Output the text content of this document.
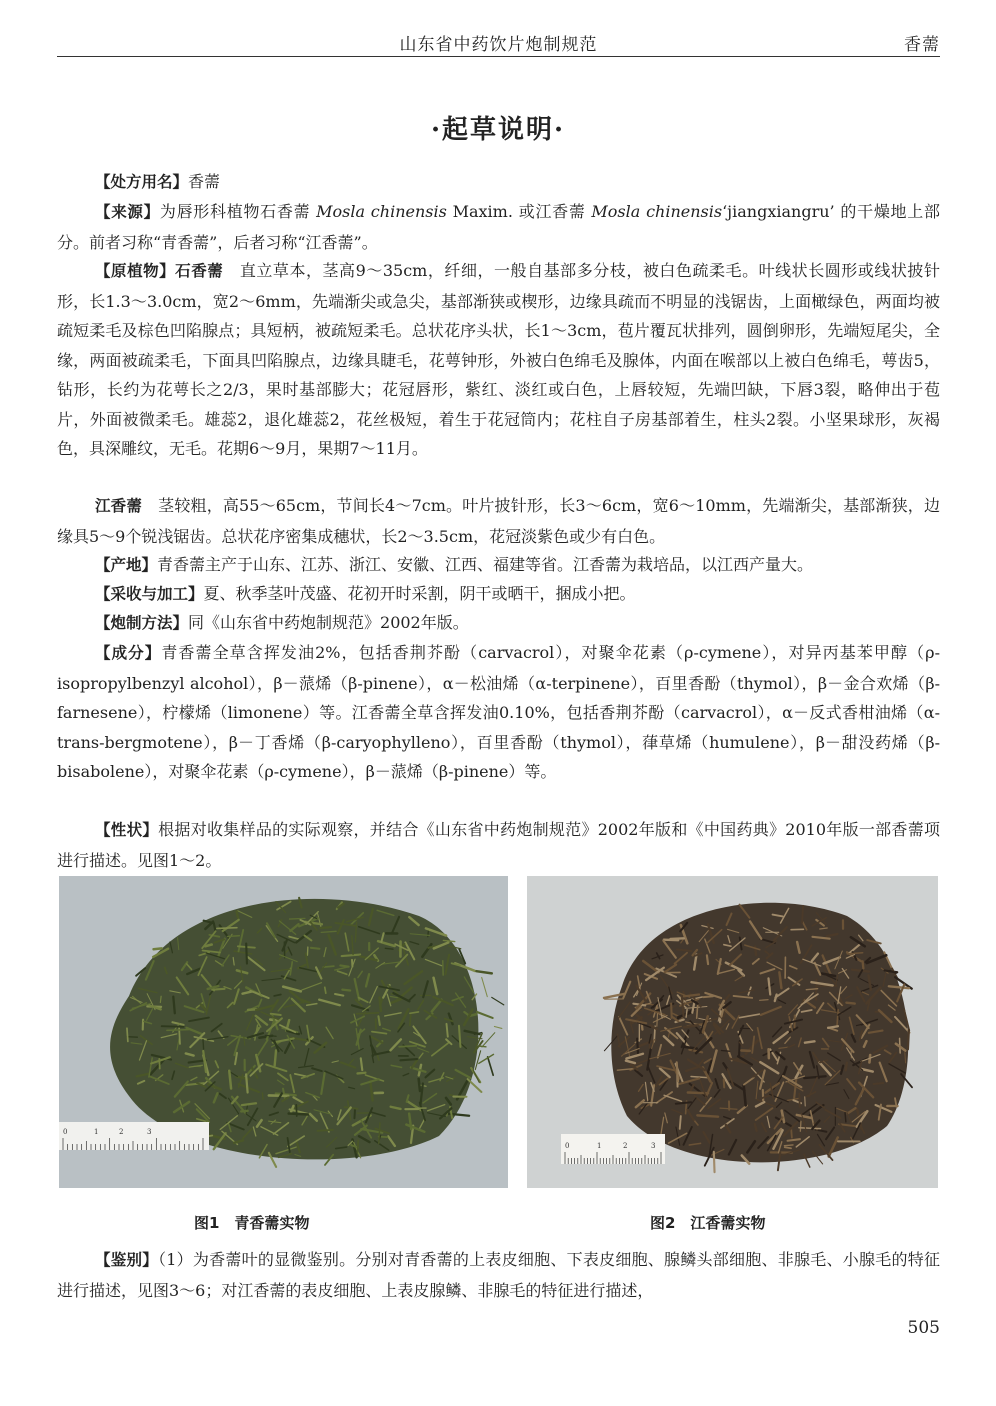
山东省中药饮片炮制规范	香薷
·起草说明·

【处方用名】香薷

【来源】为唇形科植物石香薷 Mosla chinensis Maxim. 或江香薷 Mosla chinensis‘jiangxiangru’ 的干燥地上部分。前者习称“青香薷”，后者习称“江香薷”。

【原植物】石香薷　直立草本，茎高9～35cm，纤细，一般自基部多分枝，被白色疏柔毛。叶线状长圆形或线状披针形，长1.3～3.0cm，宽2～6mm，先端渐尖或急尖，基部渐狭或楔形，边缘具疏而不明显的浅锯齿，上面橄绿色，两面均被疏短柔毛及棕色凹陷腺点；具短柄，被疏短柔毛。总状花序头状，长1～3cm，苞片覆瓦状排列，圆倒卵形，先端短尾尖，全缘，两面被疏柔毛，下面具凹陷腺点，边缘具睫毛，花萼钟形，外被白色绵毛及腺体，内面在喉部以上被白色绵毛，萼齿5，钻形，长约为花萼长之2/3，果时基部膨大；花冠唇形，紫红、淡红或白色，上唇较短，先端凹缺，下唇3裂，略伸出于苞片，外面被微柔毛。雄蕊2，退化雄蕊2，花丝极短，着生于花冠筒内；花柱自子房基部着生，柱头2裂。小坚果球形，灰褐色，具深雕纹，无毛。花期6～9月，果期7～11月。

江香薷　茎较粗，高55～65cm，节间长4～7cm。叶片披针形，长3～6cm，宽6～10mm，先端渐尖，基部渐狭，边缘具5～9个锐浅锯齿。总状花序密集成穗状，长2～3.5cm，花冠淡紫色或少有白色。

【产地】青香薷主产于山东、江苏、浙江、安徽、江西、福建等省。江香薷为栽培品，以江西产量大。

【采收与加工】夏、秋季茎叶茂盛、花初开时采割，阴干或晒干，捆成小把。

【炮制方法】同《山东省中药炮制规范》2002年版。

【成分】青香薷全草含挥发油2%，包括香荆芥酚（carvacrol），对聚伞花素（ρ-cymene），对异丙基苯甲醇（ρ-isopropylbenzyl alcohol），β－蒎烯（β-pinene），α－松油烯（α-terpinene），百里香酚（thymol），β－金合欢烯（β-farnesene），柠檬烯（limonene）等。江香薷全草含挥发油0.10%，包括香荆芥酚（carvacrol），α－反式香柑油烯（α-trans-bergmotene），β－丁香烯（β-caryophylleno），百里香酚（thymol），葎草烯（humulene），β－甜没药烯（β-bisabolene），对聚伞花素（ρ-cymene），β－蒎烯（β-pinene）等。

【性状】根据对收集样品的实际观察，并结合《山东省中药炮制规范》2002年版和《中国药典》2010年版一部香薷项进行描述。见图1～2。

0	1	2	3
图1　青香薷实物
0	1	2	3
图2　江香薷实物

【鉴别】（1）为香薷叶的显微鉴别。分别对青香薷的上表皮细胞、下表皮细胞、腺鳞头部细胞、非腺毛、小腺毛的特征进行描述，见图3～6；对江香薷的表皮细胞、上表皮腺鳞、非腺毛的特征进行描述，

505
